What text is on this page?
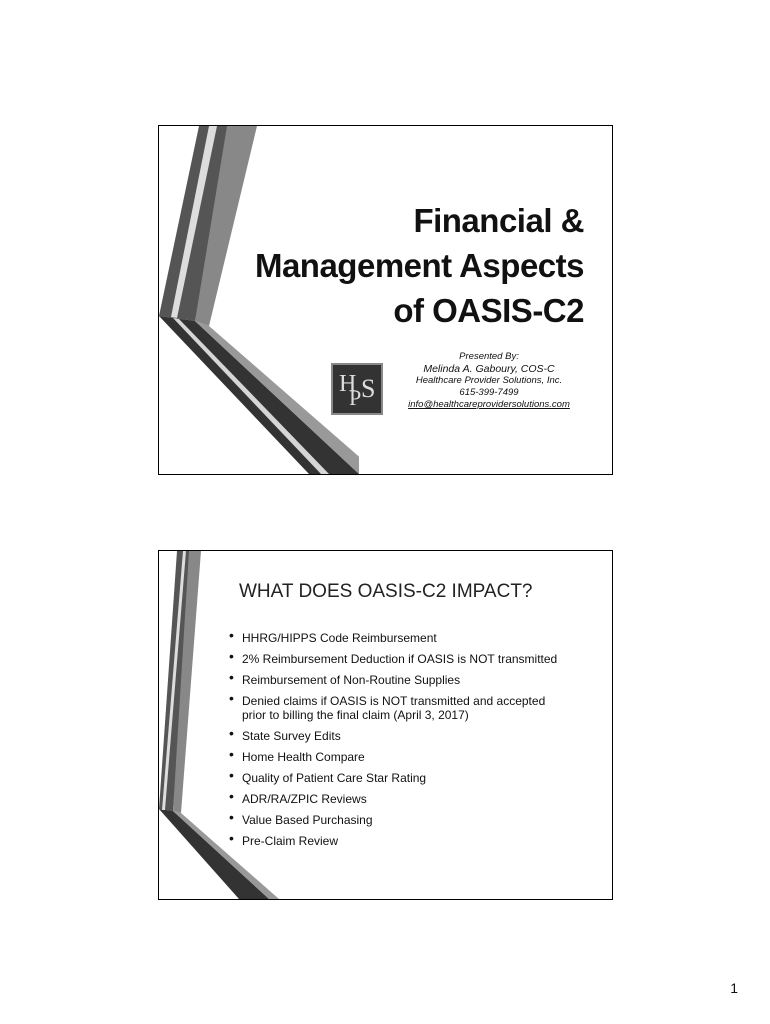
Financial &
Management Aspects
of OASIS-C2
H
P S
Presented By:
Melinda A. Gaboury, COS-C
Healthcare Provider Solutions, Inc.
615-399-7499
info@healthcareprovidersolutions.com
WHAT DOES OASIS-C2 IMPACT?
• HHRG/HIPPS Code Reimbursement
• 2% Reimbursement Deduction if OASIS is NOT transmitted
• Reimbursement of Non-Routine Supplies
• Denied claims if OASIS is NOT transmitted and accepted
prior to billing the final claim (April 3, 2017)
• State Survey Edits
• Home Health Compare
• Quality of Patient Care Star Rating
• ADR/RA/ZPIC Reviews
• Value Based Purchasing
• Pre-Claim Review
1
